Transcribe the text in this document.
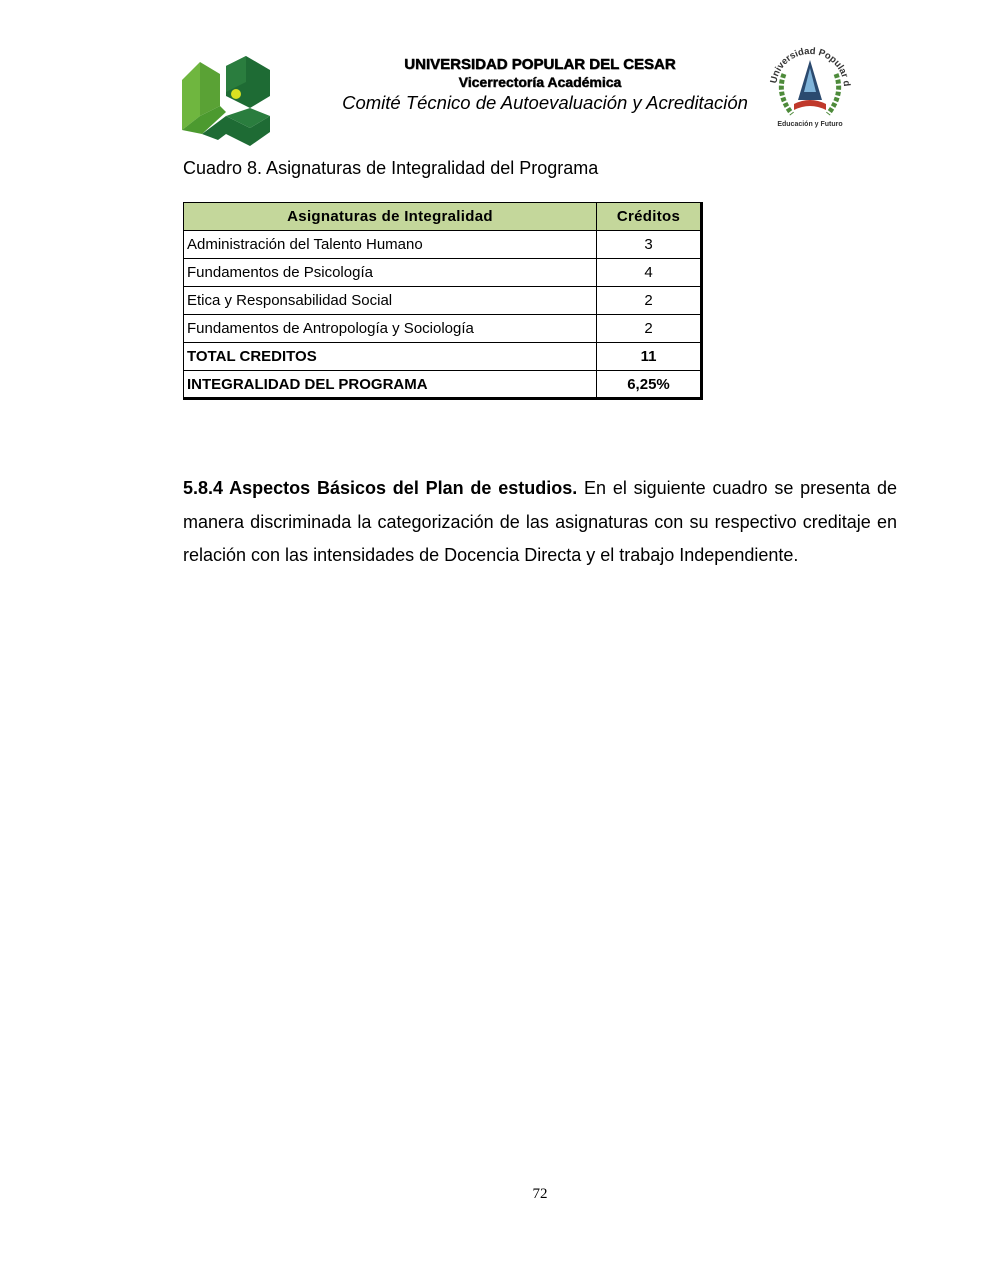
UNIVERSIDAD POPULAR DEL CESAR
Vicerrectoría Académica
Comité Técnico de Autoevaluación y Acreditación
Universidad Popular d
Educación y Futuro
Cuadro 8. Asignaturas de Integralidad del Programa
Asignaturas de Integralidad	Créditos
Administración del Talento Humano	3
Fundamentos de Psicología	4
Etica y Responsabilidad Social	2
Fundamentos de Antropología y Sociología	2
TOTAL CREDITOS	11
INTEGRALIDAD DEL PROGRAMA	6,25%
5.8.4 Aspectos Básicos del Plan de estudios. En el siguiente cuadro se presenta de manera discriminada la categorización de las asignaturas con su respectivo creditaje en relación con las intensidades de Docencia Directa y el trabajo Independiente.
72
